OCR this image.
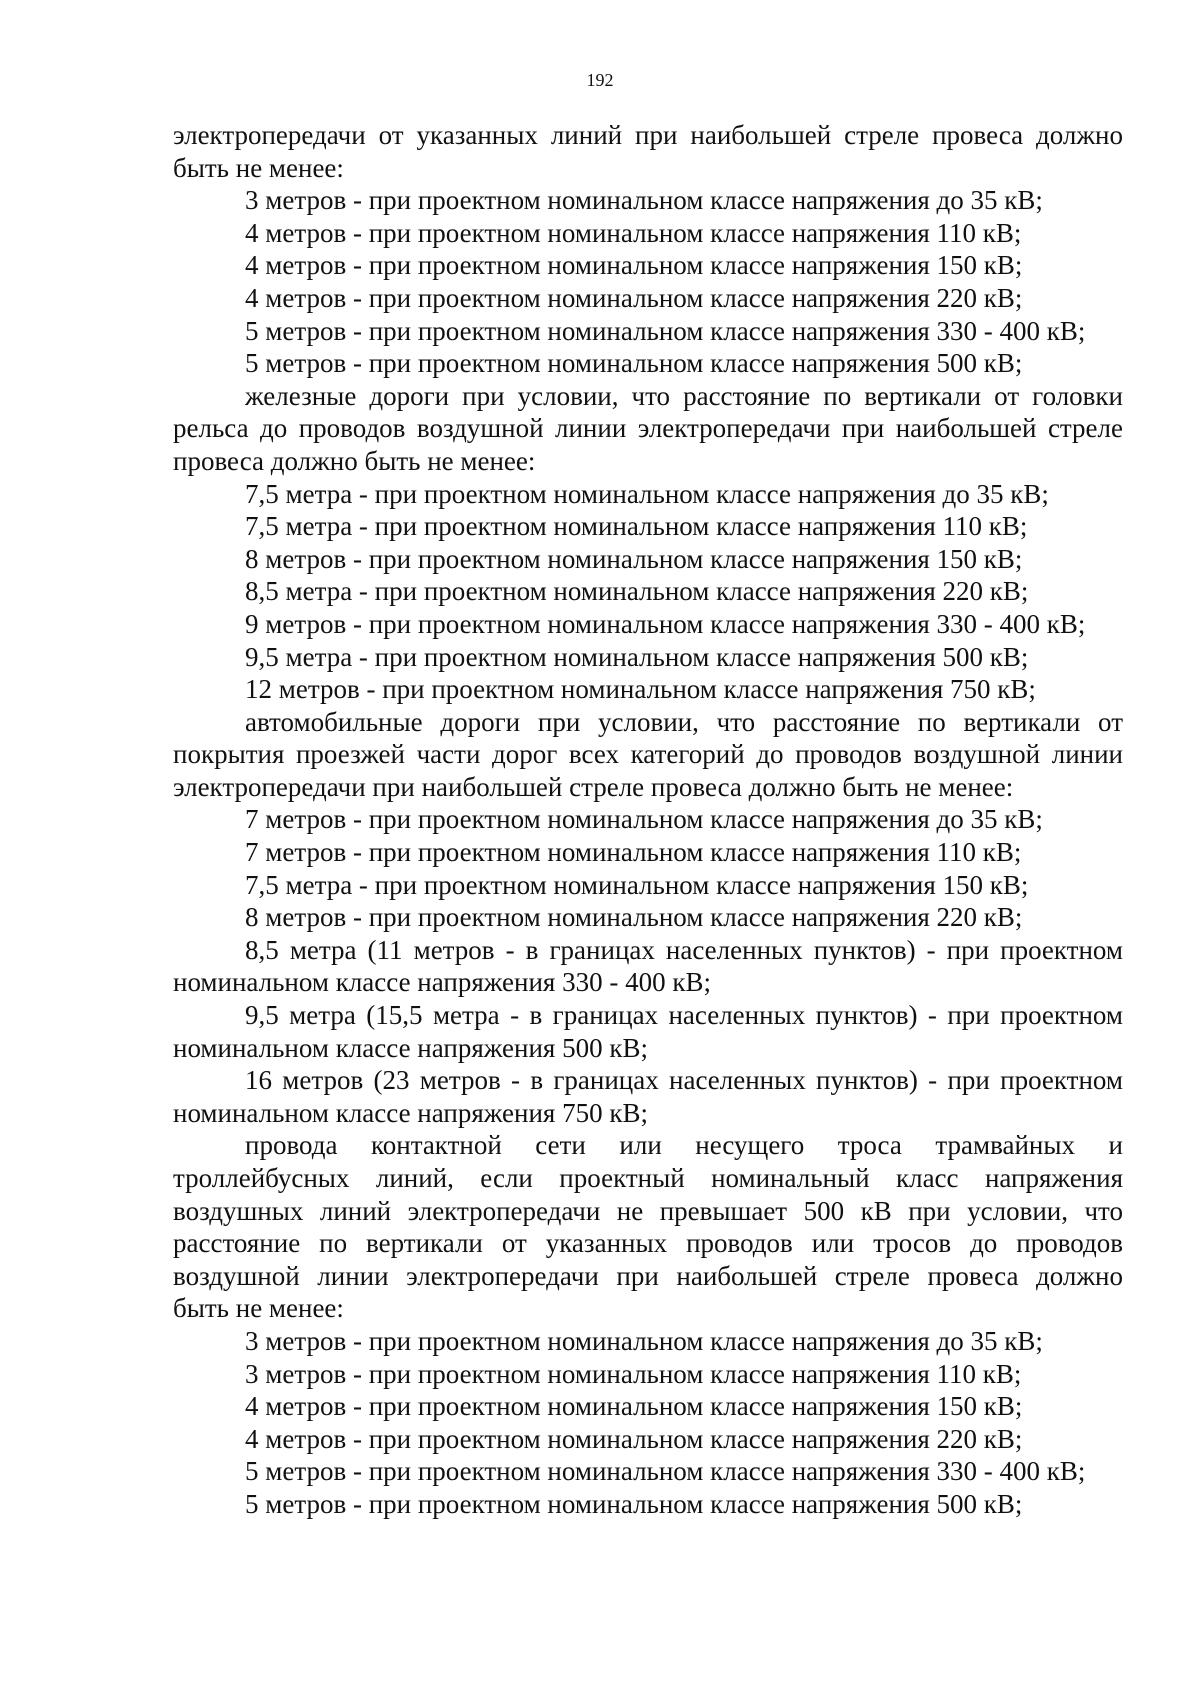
192

электропередачи от указанных линий при наибольшей стреле провеса должно

быть не менее:

3 метров - при проектном номинальном классе напряжения до 35 кВ;

4 метров - при проектном номинальном классе напряжения 110 кВ;

4 метров - при проектном номинальном классе напряжения 150 кВ;

4 метров - при проектном номинальном классе напряжения 220 кВ;

5 метров - при проектном номинальном классе напряжения 330 - 400 кВ;

5 метров - при проектном номинальном классе напряжения 500 кВ;

железные дороги при условии, что расстояние по вертикали от головки

рельса до проводов воздушной линии электропередачи при наибольшей стреле

провеса должно быть не менее:

7,5 метра - при проектном номинальном классе напряжения до 35 кВ;

7,5 метра - при проектном номинальном классе напряжения 110 кВ;

8 метров - при проектном номинальном классе напряжения 150 кВ;

8,5 метра - при проектном номинальном классе напряжения 220 кВ;

9 метров - при проектном номинальном классе напряжения 330 - 400 кВ;

9,5 метра - при проектном номинальном классе напряжения 500 кВ;

12 метров - при проектном номинальном классе напряжения 750 кВ;

автомобильные дороги при условии, что расстояние по вертикали от

покрытия проезжей части дорог всех категорий до проводов воздушной линии

электропередачи при наибольшей стреле провеса должно быть не менее:

7 метров - при проектном номинальном классе напряжения до 35 кВ;

7 метров - при проектном номинальном классе напряжения 110 кВ;

7,5 метра - при проектном номинальном классе напряжения 150 кВ;

8 метров - при проектном номинальном классе напряжения 220 кВ;

8,5 метра (11 метров - в границах населенных пунктов) - при проектном

номинальном классе напряжения 330 - 400 кВ;

9,5 метра (15,5 метра - в границах населенных пунктов) - при проектном

номинальном классе напряжения 500 кВ;

16 метров (23 метров - в границах населенных пунктов) - при проектном

номинальном классе напряжения 750 кВ;

провода контактной сети или несущего троса трамвайных и

троллейбусных линий, если проектный номинальный класс напряжения

воздушных линий электропередачи не превышает 500 кВ при условии, что

расстояние по вертикали от указанных проводов или тросов до проводов

воздушной линии электропередачи при наибольшей стреле провеса должно

быть не менее:

3 метров - при проектном номинальном классе напряжения до 35 кВ;

3 метров - при проектном номинальном классе напряжения 110 кВ;

4 метров - при проектном номинальном классе напряжения 150 кВ;

4 метров - при проектном номинальном классе напряжения 220 кВ;

5 метров - при проектном номинальном классе напряжения 330 - 400 кВ;

5 метров - при проектном номинальном классе напряжения 500 кВ;
